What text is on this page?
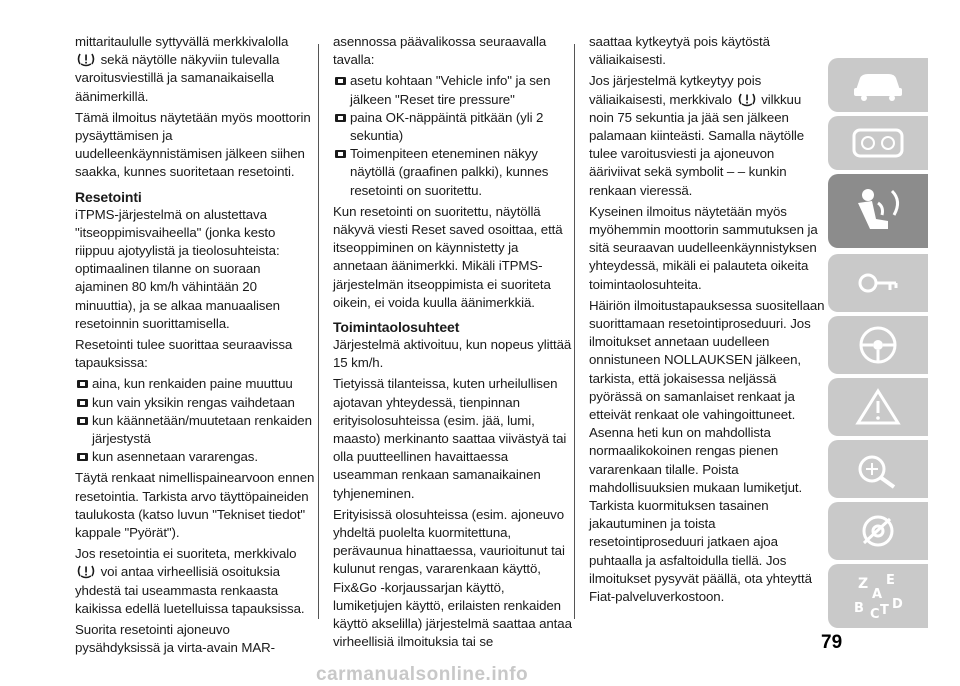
mittaritaululle syttyvällä merkkivalolla
sekä näytölle näkyviin tulevalla varoitusviestillä ja samanaikaisella äänimerkillä.

Tämä ilmoitus näytetään myös moottorin pysäyttämisen ja uudelleenkäynnistämisen jälkeen siihen saakka, kunnes suoritetaan resetointi.

Resetointi

iTPMS-järjestelmä on alustettava "itseoppimisvaiheella" (jonka kesto riippuu ajotyylistä ja tieolosuhteista: optimaalinen tilanne on suoraan ajaminen 80 km/h vähintään 20 minuuttia), ja se alkaa manuaalisen resetoinnin suorittamisella.

Resetointi tulee suorittaa seuraavissa tapauksissa:

aina, kun renkaiden paine muuttuu
kun vain yksikin rengas vaihdetaan
kun käännetään/muutetaan renkaiden järjestystä
kun asennetaan vararengas.

Täytä renkaat nimellispainearvoon ennen resetointia. Tarkista arvo täyttöpaineiden taulukosta (katso luvun "Tekniset tiedot" kappale "Pyörät").

Jos resetointia ei suoriteta, merkkivalo
voi antaa virheellisiä osoituksia yhdestä tai useammasta renkaasta kaikissa edellä luetelluissa tapauksissa.

Suorita resetointi ajoneuvo pysähdyksissä ja virta-avain MAR-

asennossa päävalikossa seuraavalla tavalla:

asetu kohtaan "Vehicle info" ja sen jälkeen "Reset tire pressure"
paina OK-näppäintä pitkään (yli 2 sekuntia)
Toimenpiteen eteneminen näkyy näytöllä (graafinen palkki), kunnes resetointi on suoritettu.

Kun resetointi on suoritettu, näytöllä näkyvä viesti Reset saved osoittaa, että itseoppiminen on käynnistetty ja annetaan äänimerkki. Mikäli iTPMS-järjestelmän itseoppimista ei suoriteta oikein, ei voida kuulla äänimerkkiä.

Toimintaolosuhteet

Järjestelmä aktivoituu, kun nopeus ylittää 15 km/h.

Tietyissä tilanteissa, kuten urheilullisen ajotavan yhteydessä, tienpinnan erityisolosuhteissa (esim. jää, lumi, maasto) merkinanto saattaa viivästyä tai olla puutteellinen havaittaessa useamman renkaan samanaikainen tyhjeneminen.

Erityisissä olosuhteissa (esim. ajoneuvo yhdeltä puolelta kuormitettuna, perävaunua hinattaessa, vaurioitunut tai kulunut rengas, vararenkaan käyttö, Fix&Go -korjaussarjan käyttö, lumiketjujen käyttö, erilaisten renkaiden käyttö akselilla) järjestelmä saattaa antaa virheellisiä ilmoituksia tai se

saattaa kytkeytyä pois käytöstä väliaikaisesti.

Jos järjestelmä kytkeytyy pois väliaikaisesti, merkkivalo vilkkuu noin 75 sekuntia ja jää sen jälkeen palamaan kiinteästi. Samalla näytölle tulee varoitusviesti ja ajoneuvon ääriviivat sekä symbolit – – kunkin renkaan vieressä.

Kyseinen ilmoitus näytetään myös myöhemmin moottorin sammutuksen ja sitä seuraavan uudelleenkäynnistyksen yhteydessä, mikäli ei palauteta oikeita toimintaolosuhteita.

Häiriön ilmoitustapauksessa suositellaan suorittamaan resetointiproseduuri. Jos ilmoitukset annetaan uudelleen onnistuneen NOLLAUKSEN jälkeen, tarkista, että jokaisessa neljässä pyörässä on samanlaiset renkaat ja etteivät renkaat ole vahingoittuneet. Asenna heti kun on mahdollista normaalikokoinen rengas pienen vararenkaan tilalle. Poista mahdollisuuksien mukaan lumiketjut. Tarkista kuormituksen tasainen jakautuminen ja toista resetointiproseduuri jatkaen ajoa puhtaalla ja asfaltoidulla tiellä. Jos ilmoitukset pysyvät päällä, ota yhteyttä Fiat-palveluverkostoon.

Z E
A
B C T D
79
carmanualsonline.info
